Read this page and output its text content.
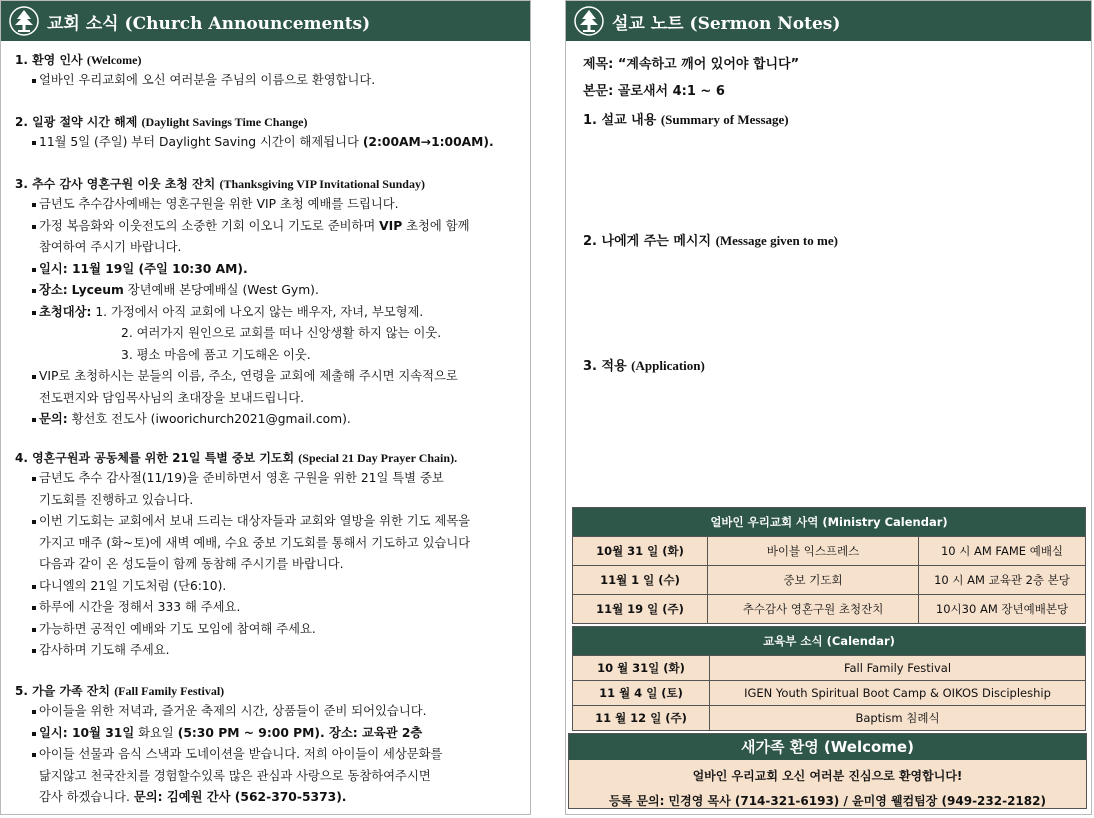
교회 소식 (Church Announcements)

1. 환영 인사 (Welcome)

얼바인 우리교회에 오신 여러분을 주님의 이름으로 환영합니다.

2. 일광 절약 시간 해제 (Daylight Savings Time Change)

11월 5일 (주일) 부터 Daylight Saving 시간이 해제됩니다 (2:00AM→1:00AM).

3. 추수 감사 영혼구원 이웃 초청 잔치 (Thanksgiving VIP Invitational Sunday)

금년도 추수감사예배는 영혼구원을 위한 VIP 초청 예배를 드립니다.

가정 복음화와 이웃전도의 소중한 기회 이오니 기도로 준비하며 VIP 초청에 함께

참여하여 주시기 바랍니다.

일시: 11월 19일 (주일 10:30 AM).

장소: Lyceum 장년예배 본당예배실 (West Gym).

초청대상: 1. 가정에서 아직 교회에 나오지 않는 배우자, 자녀, 부모형제.

2. 여러가지 원인으로 교회를 떠나 신앙생활 하지 않는 이웃.
3. 평소 마음에 품고 기도해온 이웃.

VIP로 초청하시는 분들의 이름, 주소, 연령을 교회에 제출해 주시면 지속적으로

전도편지와 담임목사님의 초대장을 보내드립니다.

문의: 황선호 전도사 (iwoorichurch2021@gmail.com).

4. 영혼구원과 공동체를 위한 21일 특별 중보 기도회 (Special 21 Day Prayer Chain).

금년도 추수 감사절(11/19)을 준비하면서 영혼 구원을 위한 21일 특별 중보

기도회를 진행하고 있습니다.

이번 기도회는 교회에서 보내 드리는 대상자들과 교회와 열방을 위한 기도 제목을

가지고 매주 (화~토)에 새벽 예배, 수요 중보 기도회를 통해서 기도하고 있습니다
다음과 같이 온 성도들이 함께 동참해 주시기를 바랍니다.

다니엘의 21일 기도처럼 (단6:10).

하루에 시간을 정해서 333 해 주세요.

가능하면 공적인 예배와 기도 모임에 참여해 주세요.

감사하며 기도해 주세요.

5. 가을 가족 잔치 (Fall Family Festival)

아이들을 위한 저녁과, 즐거운 축제의 시간, 상품들이 준비 되어있습니다.

일시: 10월 31일 화요일 (5:30 PM ~ 9:00 PM). 장소: 교육관 2층

아이들 선물과 음식 스낵과 도네이션을 받습니다. 저희 아이들이 세상문화를

닮지않고 천국잔치를 경험할수있록 많은 관심과 사랑으로 동참하여주시면
감사 하겠습니다. 문의: 김예원 간사 (562-370-5373).
설교 노트 (Sermon Notes)
제목: “계속하고 깨어 있어야 합니다”
본문: 골로새서 4:1 ~ 6
1. 설교 내용 (Summary of Message)
2. 나에게 주는 메시지 (Message given to me)
3. 적용 (Application)
얼바인 우리교회 사역 (Ministry Calendar)		
10월 31 일 (화)	바이블 익스프레스	10 시 AM FAME 예배실
11월 1 일 (수)	중보 기도회	10 시 AM 교육관 2층 본당
11월 19 일 (주)	추수감사 영혼구원 초청잔치	10시30 AM 장년예배본당
교육부 소식 (Calendar)	
10 월 31일 (화)	Fall Family Festival
11 월 4 일 (토)	IGEN Youth Spiritual Boot Camp & OIKOS Discipleship
11 월 12 일 (주)	Baptism 침례식
새가족 환영 (Welcome)
얼바인 우리교회 오신 여러분 진심으로 환영합니다!
등록 문의: 민경영 목사 (714-321-6193) / 윤미영 웰컴팀장 (949-232-2182)
